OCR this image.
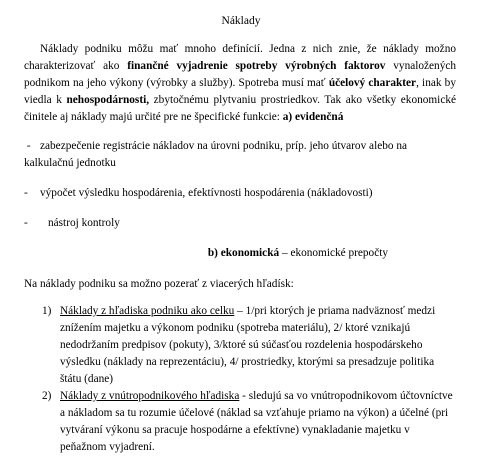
Náklady

Náklady podniku môžu mať mnoho definícií. Jedna z nich znie, že náklady možno charakterizovať ako finančné vyjadrenie spotreby výrobných faktorov vynaložených podnikom na jeho výkony (výrobky a služby). Spotreba musí mať účelový charakter, inak by viedla k nehospodárnosti, zbytočnému plytvaniu prostriedkov. Tak ako všetky ekonomické činitele aj náklady majú určité pre ne špecifické funkcie: a) evidenčná

- zabezpečenie registrácie nákladov na úrovni podniku, príp. jeho útvarov alebo na kalkulačnú jednotku

- výpočet výsledku hospodárenia, efektívnosti hospodárenia (nákladovosti)

- nástroj kontroly

b) ekonomická – ekonomické prepočty

Na náklady podniku sa možno pozerať z viacerých hľadísk:

1) Náklady z hľadiska podniku ako celku – 1/pri ktorých je priama nadväznosť medzi znížením majetku a výkonom podniku (spotreba materiálu), 2/ ktoré vznikajú nedodržaním predpisov (pokuty), 3/ktoré sú súčasťou rozdelenia hospodárskeho výsledku (náklady na reprezentáciu), 4/ prostriedky, ktorými sa presadzuje politika štátu (dane)
2) Náklady z vnútropodnikového hľadiska - sledujú sa vo vnútropodnikovom účtovníctve a nákladom sa tu rozumie účelové (náklad sa vzťahuje priamo na výkon) a účelné (pri vytváraní výkonu sa pracuje hospodárne a efektívne) vynakladanie majetku v peňažnom vyjadrení.
